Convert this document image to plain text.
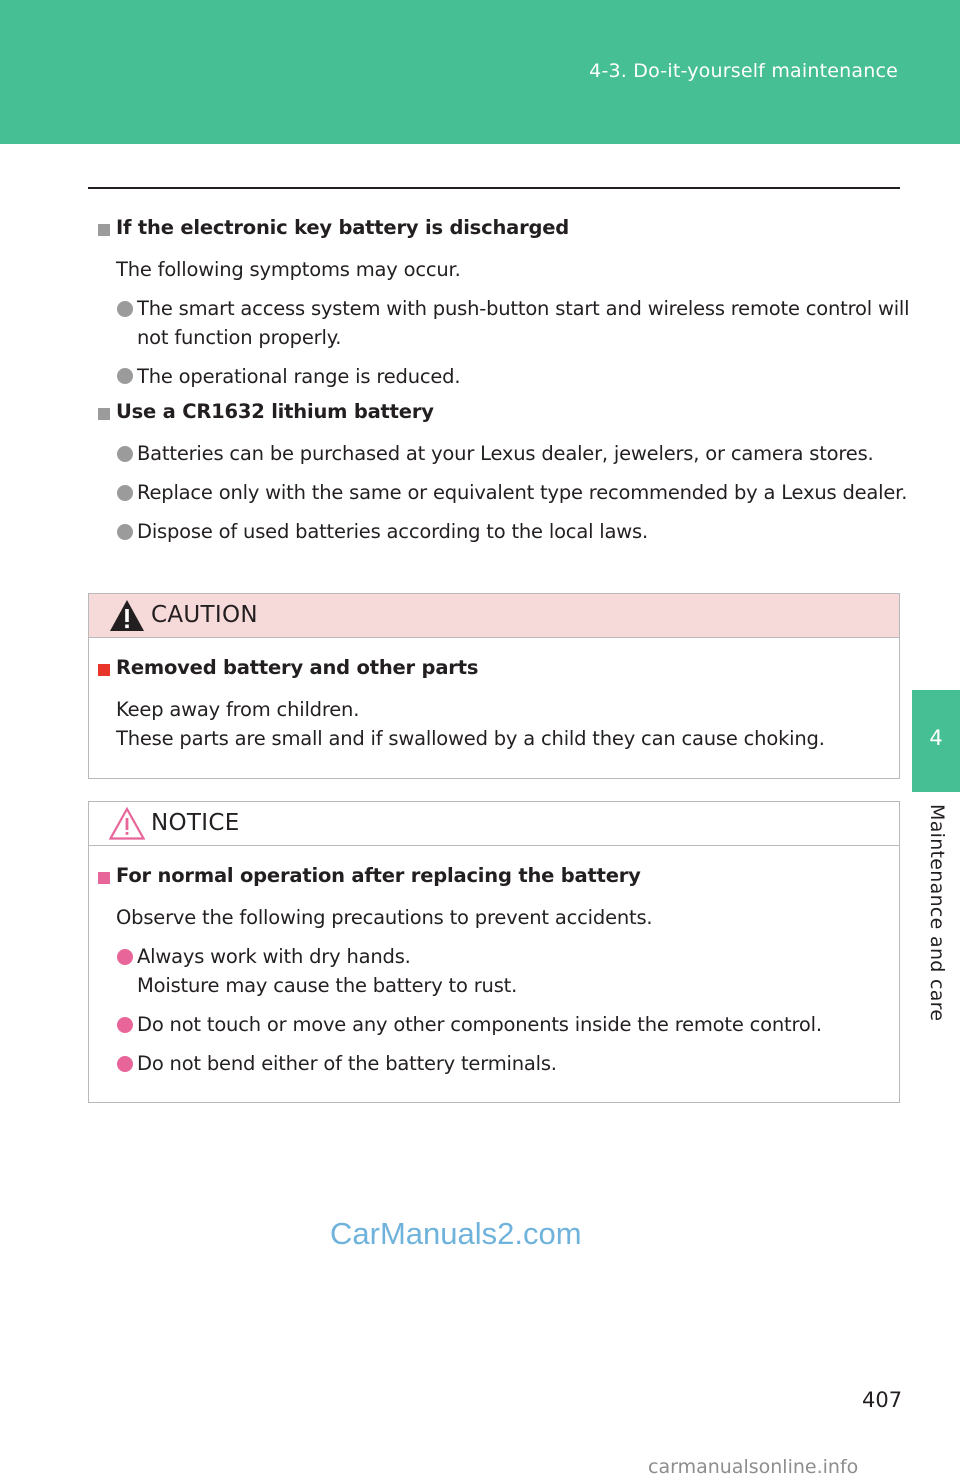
4-3. Do-it-yourself maintenance
4
Maintenance and care
If the electronic key battery is discharged
The following symptoms may occur.
The smart access system with push-button start and wireless remote control will
not function properly.
The operational range is reduced.
Use a CR1632 lithium battery
Batteries can be purchased at your Lexus dealer, jewelers, or camera stores.
Replace only with the same or equivalent type recommended by a Lexus dealer.
Dispose of used batteries according to the local laws.
CAUTION
Removed battery and other parts
Keep away from children.
These parts are small and if swallowed by a child they can cause choking.
NOTICE
For normal operation after replacing the battery
Observe the following precautions to prevent accidents.
Always work with dry hands.
Moisture may cause the battery to rust.
Do not touch or move any other components inside the remote control.
Do not bend either of the battery terminals.
CarManuals2.com
407
carmanualsonline.info
